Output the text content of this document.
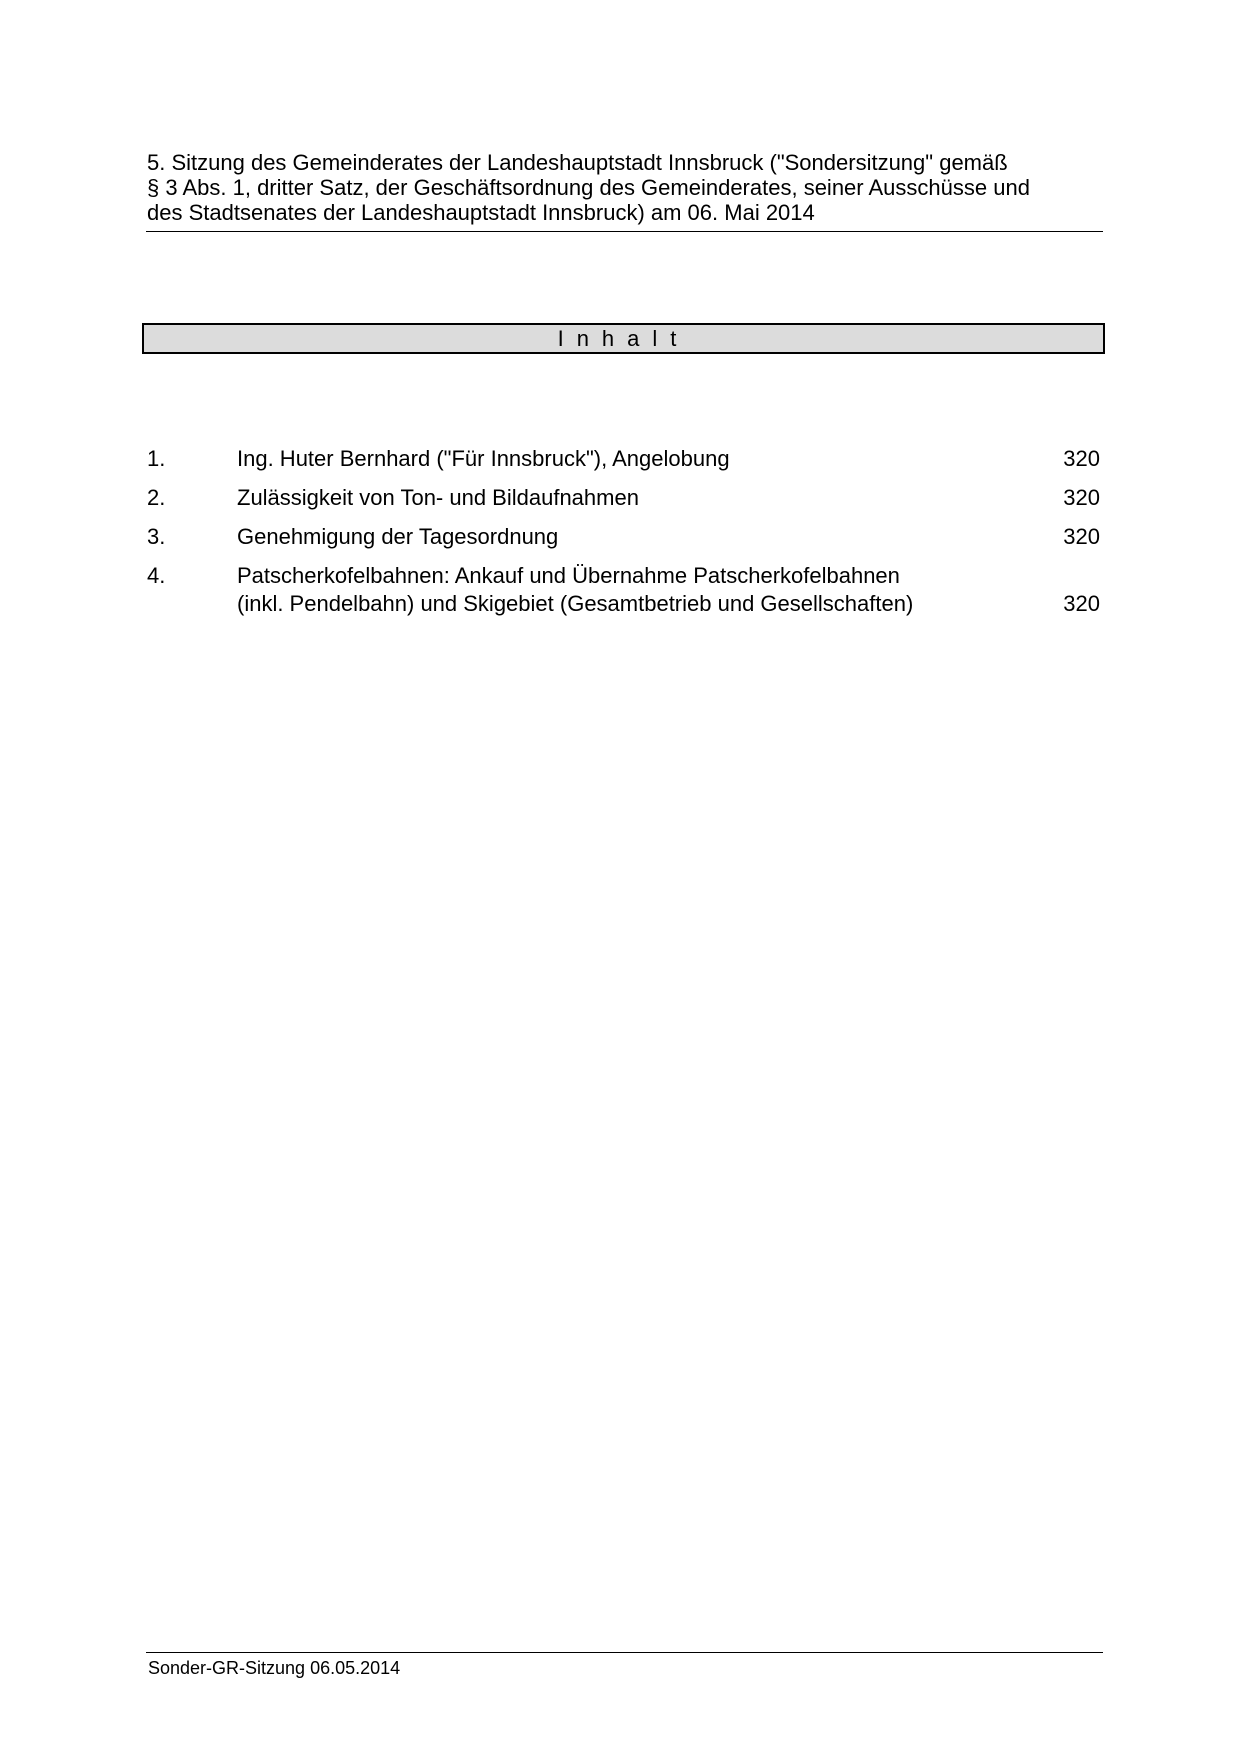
5. Sitzung des Gemeinderates der Landeshauptstadt Innsbruck ("Sondersitzung" gemäß
§ 3 Abs. 1, dritter Satz, der Geschäftsordnung des Gemeinderates, seiner Ausschüsse und
des Stadtsenates der Landeshauptstadt Innsbruck) am 06. Mai 2014
Inhalt
1.	Ing. Huter Bernhard ("Für Innsbruck"), Angelobung	320
2.	Zulässigkeit von Ton- und Bildaufnahmen	320
3.	Genehmigung der Tagesordnung	320
4.	Patscherkofelbahnen: Ankauf und Übernahme Patscherkofelbahnen
(inkl. Pendelbahn) und Skigebiet (Gesamtbetrieb und Gesellschaften)	320
Sonder-GR-Sitzung 06.05.2014
